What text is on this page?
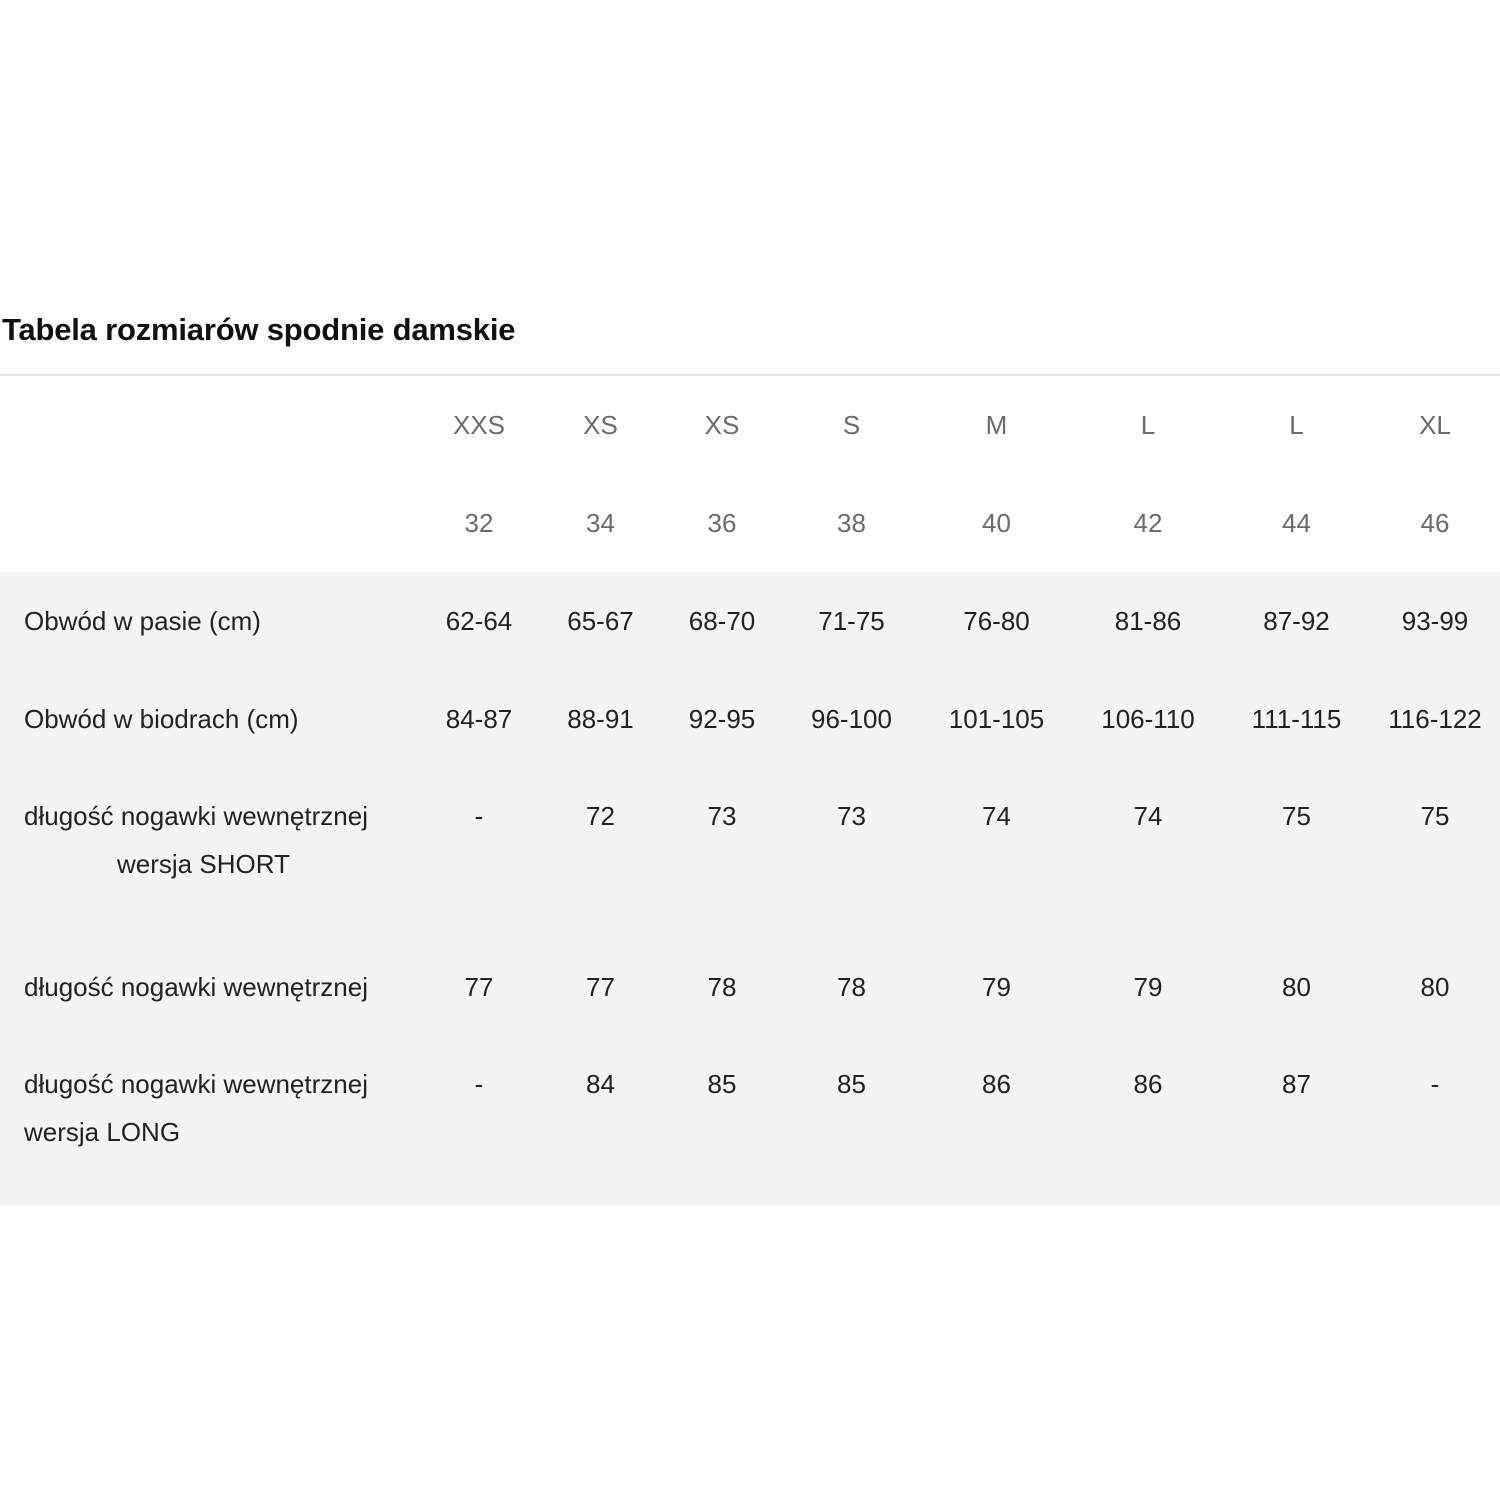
Tabela rozmiarów spodnie damskie
	XXS	XS	XS	S	M	L	L	XL
	32	34	36	38	40	42	44	46
Obwód w pasie (cm)	62-64	65-67	68-70	71-75	76-80	81-86	87-92	93-99
Obwód w biodrach (cm)	84-87	88-91	92-95	96-100	101-105	106-110	111-115	116-122

długość nogawki wewnętrznej
wersja SHORT	-	72	73	73	74	74	75	75
długość nogawki wewnętrznej	77	77	78	78	79	79	80	80

długość nogawki wewnętrznej
wersja LONG	-	84	85	85	86	86	87	-
